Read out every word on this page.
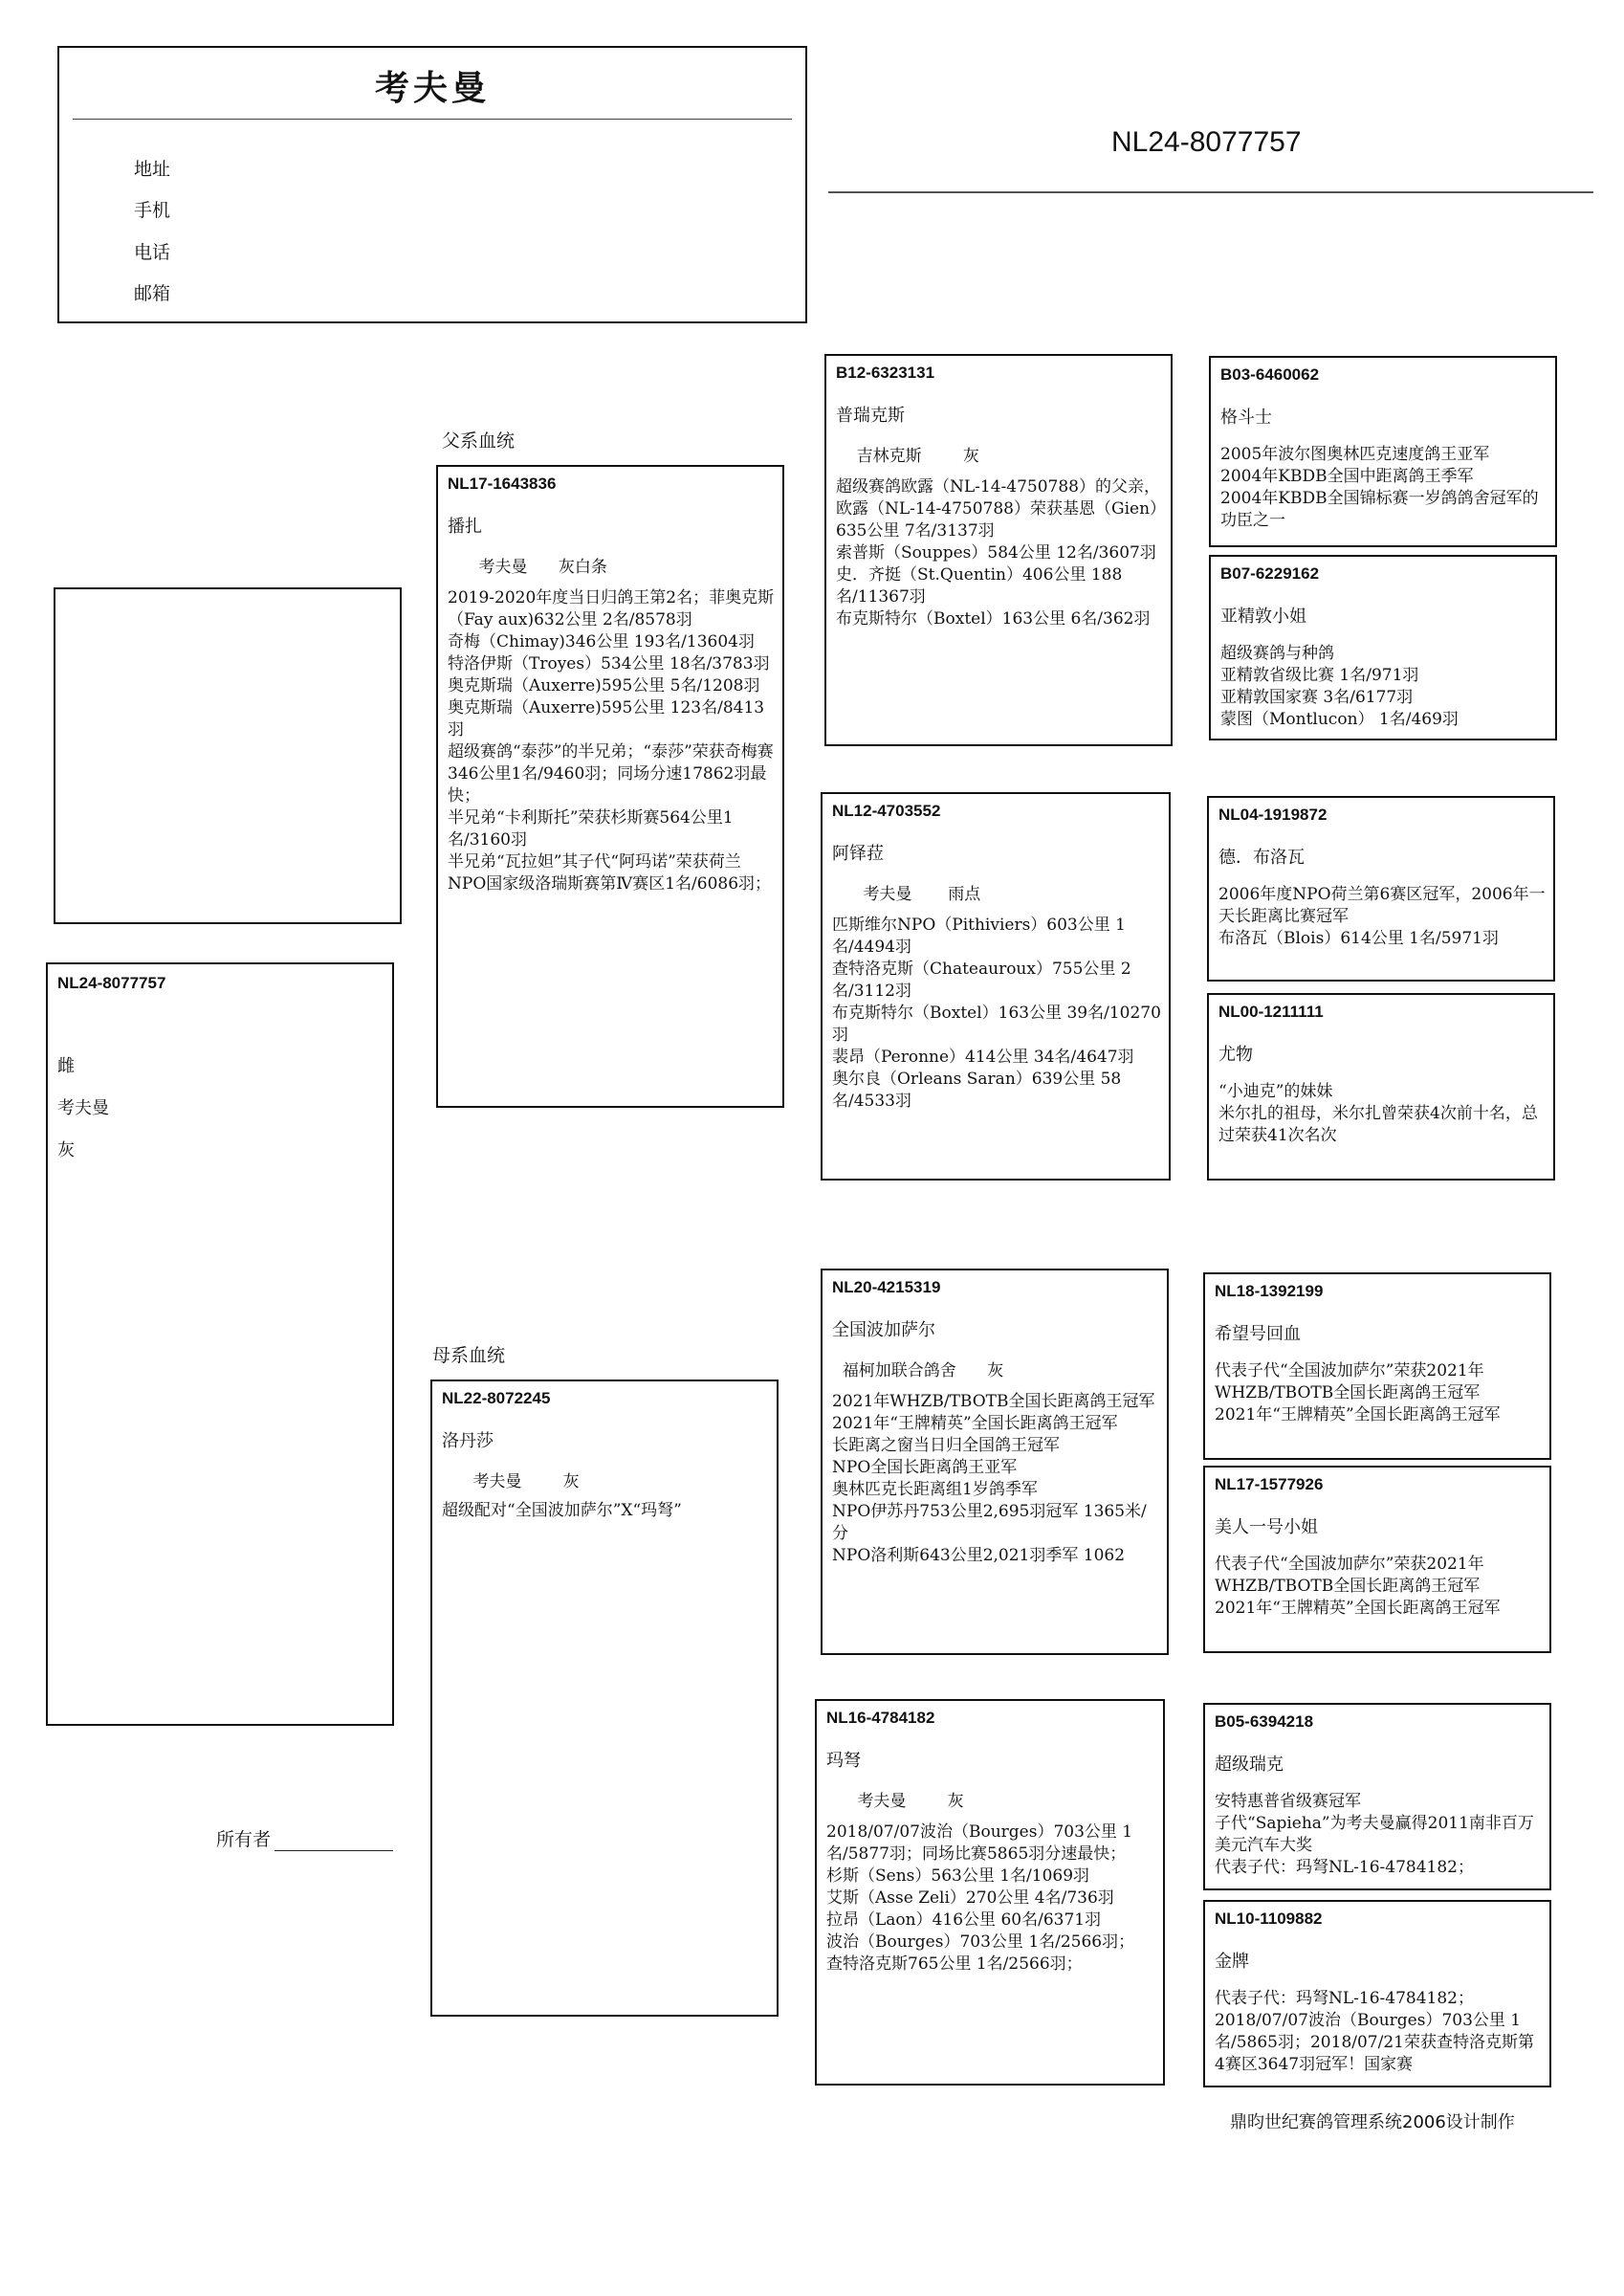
考夫曼
地址
手机
电话
邮箱
NL24-8077757
NL24-8077757
雌
考夫曼
灰
父系血统
母系血统
NL17-1643836
播扎
考夫曼 灰白条

2019-2020年度当日归鸽王第2名；菲奥克斯（Fay aux)632公里 2名/8578羽

奇梅（Chimay)346公里 193名/13604羽

特洛伊斯（Troyes）534公里 18名/3783羽

奥克斯瑞（Auxerre)595公里 5名/1208羽

奥克斯瑞（Auxerre)595公里 123名/8413羽

超级赛鸽“泰莎”的半兄弟；“泰莎”荣获奇梅赛346公里1名/9460羽；同场分速17862羽最快；

半兄弟“卡利斯托”荣获杉斯赛564公里1名/3160羽

半兄弟“瓦拉妲”其子代“阿玛诺”荣获荷兰NPO国家级洛瑞斯赛第Ⅳ赛区1名/6086羽；

NL22-8072245
洛丹莎
考夫曼	灰

超级配对“全国波加萨尔”X“玛弩”

B12-6323131
普瑞克斯
吉林克斯	灰

超级赛鸽欧露（NL-14-4750788）的父亲，

欧露（NL-14-4750788）荣获基恩（Gien）635公里 7名/3137羽

索普斯（Souppes）584公里 12名/3607羽

史．齐挺（St.Quentin）406公里 188名/11367羽

布克斯特尔（Boxtel）163公里 6名/362羽

NL12-4703552
阿铎菈
考夫曼 雨点

匹斯维尔NPO（Pithiviers）603公里 1名/4494羽

查特洛克斯（Chateauroux）755公里 2名/3112羽

布克斯特尔（Boxtel）163公里 39名/10270羽

裴昂（Peronne）414公里 34名/4647羽

奥尔良（Orleans Saran）639公里 58名/4533羽

NL20-4215319
全国波加萨尔
福柯加联合鸽舍 灰

2021年WHZB/TBOTB全国长距离鸽王冠军

2021年“王牌精英”全国长距离鸽王冠军

长距离之窗当日归全国鸽王冠军

NPO全国长距离鸽王亚军

奥林匹克长距离组1岁鸽季军

NPO伊苏丹753公里2,695羽冠军 1365米/分

NPO洛利斯643公里2,021羽季军 1062

NL16-4784182
玛弩
考夫曼	灰

2018/07/07波治（Bourges）703公里 1名/5877羽；同场比赛5865羽分速最快；

杉斯（Sens）563公里 1名/1069羽

艾斯（Asse Zeli）270公里 4名/736羽

拉昂（Laon）416公里 60名/6371羽

波治（Bourges）703公里 1名/2566羽；

查特洛克斯765公里 1名/2566羽；

B03-6460062
格斗士

2005年波尔图奥林匹克速度鸽王亚军

2004年KBDB全国中距离鸽王季军

2004年KBDB全国锦标赛一岁鸽鸽舍冠军的功臣之一

B07-6229162
亚精敦小姐

超级赛鸽与种鸽

亚精敦省级比赛 1名/971羽

亚精敦国家赛 3名/6177羽

蒙图（Montlucon） 1名/469羽

NL04-1919872
德．布洛瓦

2006年度NPO荷兰第6赛区冠军，2006年一天长距离比赛冠军

布洛瓦（Blois）614公里 1名/5971羽

NL00-1211111
尤物

“小迪克”的妹妹

米尔扎的祖母，米尔扎曾荣获4次前十名，总过荣获41次名次

NL18-1392199
希望号回血

代表子代“全国波加萨尔”荣获2021年WHZB/TBOTB全国长距离鸽王冠军

2021年“王牌精英”全国长距离鸽王冠军

NL17-1577926
美人一号小姐

代表子代“全国波加萨尔”荣获2021年WHZB/TBOTB全国长距离鸽王冠军

2021年“王牌精英”全国长距离鸽王冠军

B05-6394218
超级瑞克

安特惠普省级赛冠军

子代“Sapieha”为考夫曼赢得2011南非百万美元汽车大奖

代表子代：玛弩NL-16-4784182；

NL10-1109882
金牌

代表子代：玛弩NL-16-4784182；

2018/07/07波治（Bourges）703公里 1名/5865羽；2018/07/21荣获查特洛克斯第4赛区3647羽冠军！国家赛

所有者
鼎昀世纪赛鸽管理系统2006设计制作
